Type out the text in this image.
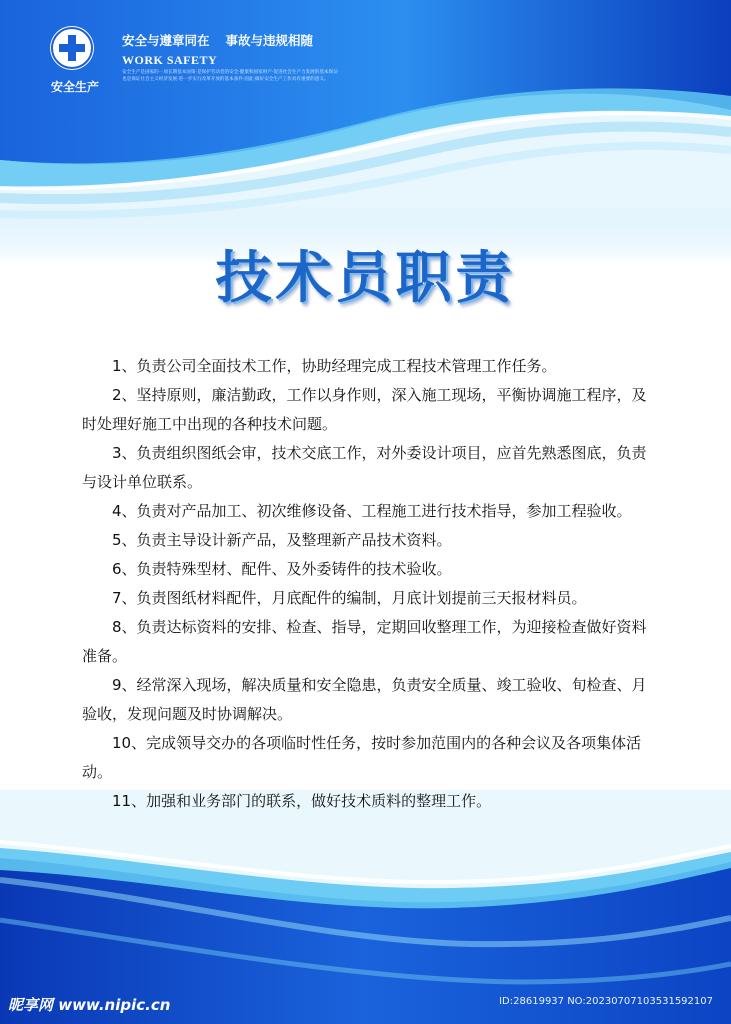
安全生产
安全与遵章同在 事故与违规相随
WORK SAFETY
安全生产是国家的一项长期基本国策·是保护劳动者的安全·健康和国家财产·促进社会生产力发展的基本保证·也是保证社会主义经济发展·进一步实行改革开放的基本条件·因此·做好安全生产工作具有重要的意义。
技术员职责

1、负责公司全面技术工作，协助经理完成工程技术管理工作任务。

2、坚持原则，廉洁勤政，工作以身作则，深入施工现场，平衡协调施工程序，及时处理好施工中出现的各种技术问题。

3、负责组织图纸会审，技术交底工作，对外委设计项目，应首先熟悉图底，负责与设计单位联系。

4、负责对产品加工、初次维修设备、工程施工进行技术指导，参加工程验收。

5、负责主导设计新产品，及整理新产品技术资料。

6、负责特殊型材、配件、及外委铸件的技术验收。

7、负责图纸材料配件，月底配件的编制，月底计划提前三天报材料员。

8、负责达标资料的安排、检查、指导，定期回收整理工作，为迎接检查做好资料准备。

9、经常深入现场，解决质量和安全隐患，负责安全质量、竣工验收、旬检查、月验收，发现问题及时协调解决。

10、完成领导交办的各项临时性任务，按时参加范围内的各种会议及各项集体活动。

11、加强和业务部门的联系，做好技术质料的整理工作。

昵享网 www.nipic.cn	ID:28619937 NO:20230707103531592107
